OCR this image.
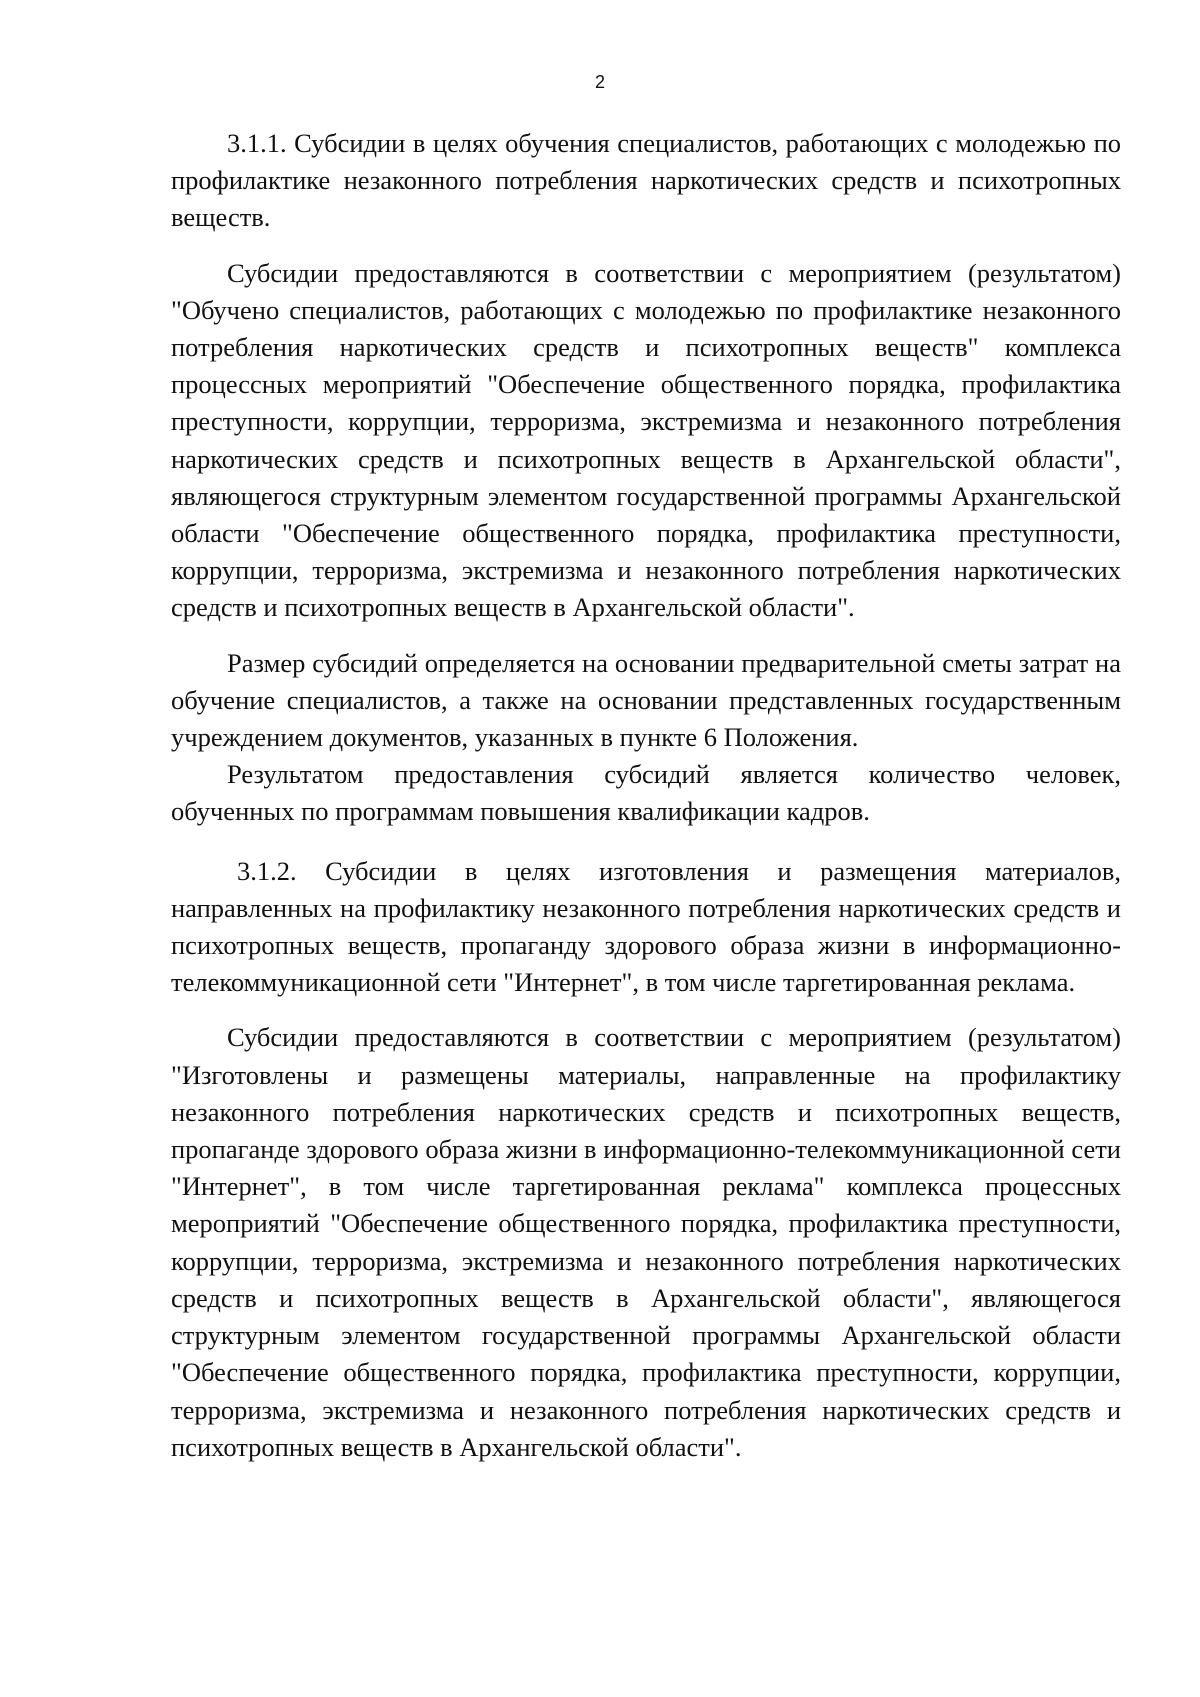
2

3.1.1. Субсидии в целях обучения специалистов, работающих с молодежью по профилактике незаконного потребления наркотических средств и психотропных веществ.

Субсидии предоставляются в соответствии с мероприятием (результатом) "Обучено специалистов, работающих с молодежью по профилактике незаконного потребления наркотических средств и психотропных веществ" комплекса процессных мероприятий "Обеспечение общественного порядка, профилактика преступности, коррупции, терроризма, экстремизма и незаконного потребления наркотических средств и психотропных веществ в Архангельской области", являющегося структурным элементом государственной программы Архангельской области "Обеспечение общественного порядка, профилактика преступности, коррупции, терроризма, экстремизма и незаконного потребления наркотических средств и психотропных веществ в Архангельской области".

Размер субсидий определяется на основании предварительной сметы затрат на обучение специалистов, а также на основании представленных государственным учреждением документов, указанных в пункте 6 Положения.

Результатом предоставления субсидий является количество человек, обученных по программам повышения квалификации кадров.

3.1.2. Субсидии в целях изготовления и размещения материалов, направленных на профилактику незаконного потребления наркотических средств и психотропных веществ, пропаганду здорового образа жизни в информационно-телекоммуникационной сети "Интернет", в том числе таргетированная реклама.

Субсидии предоставляются в соответствии с мероприятием (результатом) "Изготовлены и размещены материалы, направленные на профилактику незаконного потребления наркотических средств и психотропных веществ, пропаганде здорового образа жизни в информационно-телекоммуникационной сети "Интернет", в том числе таргетированная реклама" комплекса процессных мероприятий "Обеспечение общественного порядка, профилактика преступности, коррупции, терроризма, экстремизма и незаконного потребления наркотических средств и психотропных веществ в Архангельской области", являющегося структурным элементом государственной программы Архангельской области "Обеспечение общественного порядка, профилактика преступности, коррупции, терроризма, экстремизма и незаконного потребления наркотических средств и психотропных веществ в Архангельской области".
